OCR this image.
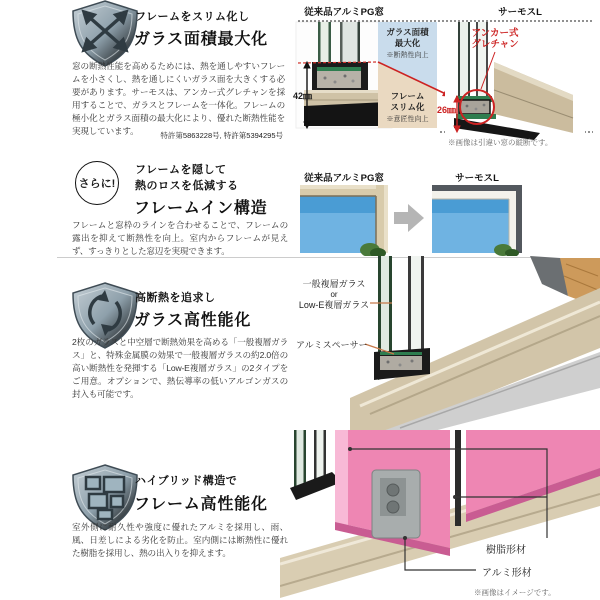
フレームをスリム化し
ガラス面積最大化
窓の断熱性能を高めるためには、熱を通しやすいフレームを小さくし、熱を通しにくいガラス面を大きくする必要があります。サーモスは、アンカー式グレチャンを採用することで、ガラスとフレームを一体化。フレームの極小化とガラス面積の最大化により、優れた断熱性能を実現しています。	特許第5863228号, 特許第5394295号
従来品アルミPG窓	サーモスL
ガラス面積
最大化
※断熱性向上
フレーム
スリム化
※意匠性向上
42㎜
26㎜
アンカー式
グレチャン
※画像は引違い窓の縦断です。
さらに!
フレームを隠して
熱のロスを低減する
フレームイン構造
フレームと窓枠のラインを合わせることで、フレームの露出を抑えて断熱性を向上。室内からフレームが見えず、すっきりとした窓辺を実現できます。
従来品アルミPG窓	サーモスL
高断熱を追求し
ガラス高性能化
2枚のガラスと中空層で断熱効果を高める「一般複層ガラス」と、特殊金属膜の効果で一般複層ガラスの約2.0倍の高い断熱性を発揮する「Low-E複層ガラス」の2タイプをご用意。オプションで、熱伝導率の低いアルゴンガスの封入も可能です。
一般複層ガラス
or
Low-E複層ガラス
アルミスペーサー
ハイブリッド構造で
フレーム高性能化
室外側に耐久性や強度に優れたアルミを採用し、雨、風、日差しによる劣化を防止。室内側には断熱性に優れた樹脂を採用し、熱の出入りを抑えます。	樹脂形材
アルミ形材
※画像はイメージです。
